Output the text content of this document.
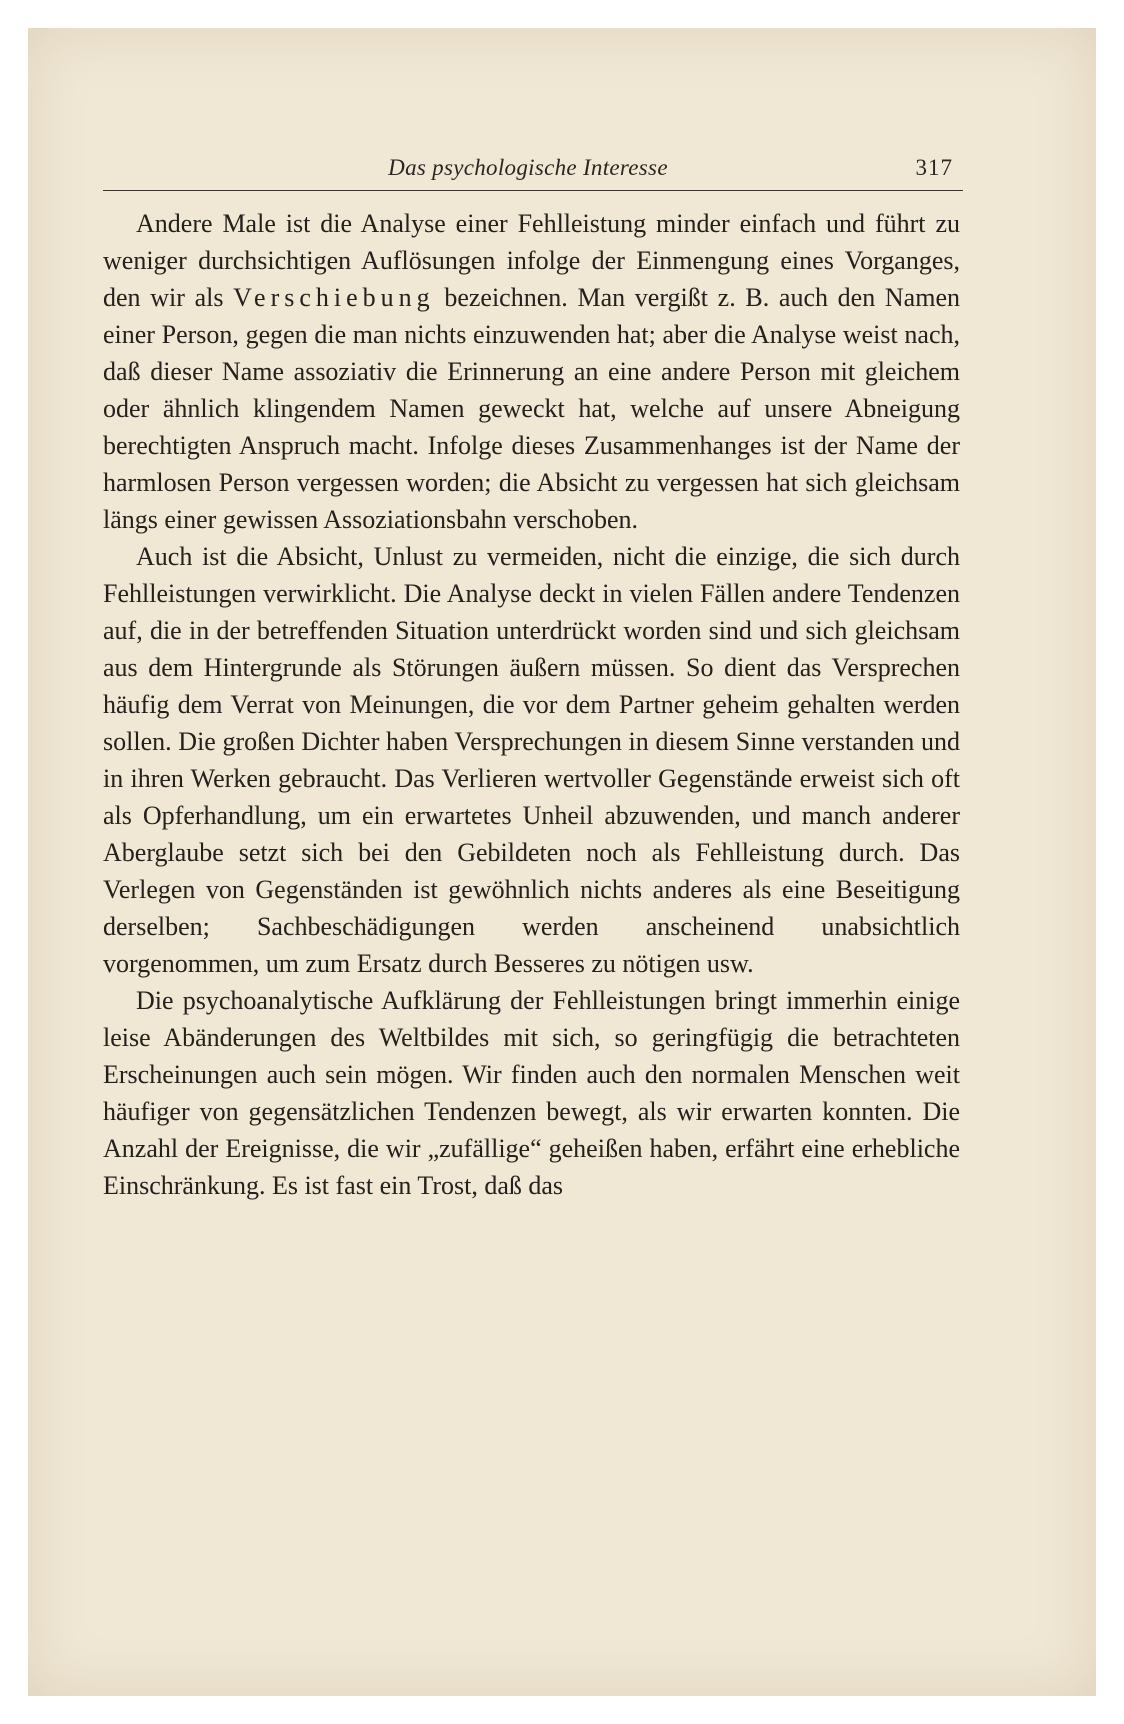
Das psychologische Interesse	317

Andere Male ist die Analyse einer Fehlleistung minder einfach und führt zu weniger durchsichtigen Auflösungen infolge der Einmengung eines Vorganges, den wir als Verschiebung bezeichnen. Man vergißt z. B. auch den Namen einer Person, gegen die man nichts einzuwenden hat; aber die Analyse weist nach, daß dieser Name assoziativ die Erinnerung an eine andere Person mit gleichem oder ähnlich klingendem Namen geweckt hat, welche auf unsere Abneigung berechtigten Anspruch macht. Infolge dieses Zusammenhanges ist der Name der harmlosen Person vergessen worden; die Absicht zu vergessen hat sich gleichsam längs einer gewissen Assoziationsbahn verschoben.

Auch ist die Absicht, Unlust zu vermeiden, nicht die einzige, die sich durch Fehlleistungen verwirklicht. Die Analyse deckt in vielen Fällen andere Tendenzen auf, die in der betreffenden Situation unterdrückt worden sind und sich gleichsam aus dem Hintergrunde als Störungen äußern müssen. So dient das Versprechen häufig dem Verrat von Meinungen, die vor dem Partner geheim gehalten werden sollen. Die großen Dichter haben Versprechungen in diesem Sinne verstanden und in ihren Werken gebraucht. Das Verlieren wertvoller Gegenstände erweist sich oft als Opferhandlung, um ein erwartetes Unheil abzuwenden, und manch anderer Aberglaube setzt sich bei den Gebildeten noch als Fehlleistung durch. Das Verlegen von Gegenständen ist gewöhnlich nichts anderes als eine Beseitigung derselben; Sachbeschädigungen werden anscheinend unabsichtlich vorgenommen, um zum Ersatz durch Besseres zu nötigen usw.

Die psychoanalytische Aufklärung der Fehlleistungen bringt immerhin einige leise Abänderungen des Weltbildes mit sich, so geringfügig die betrachteten Erscheinungen auch sein mögen. Wir finden auch den normalen Menschen weit häufiger von gegensätzlichen Tendenzen bewegt, als wir erwarten konnten. Die Anzahl der Ereignisse, die wir „zufällige“ geheißen haben, erfährt eine erhebliche Einschränkung. Es ist fast ein Trost, daß das
